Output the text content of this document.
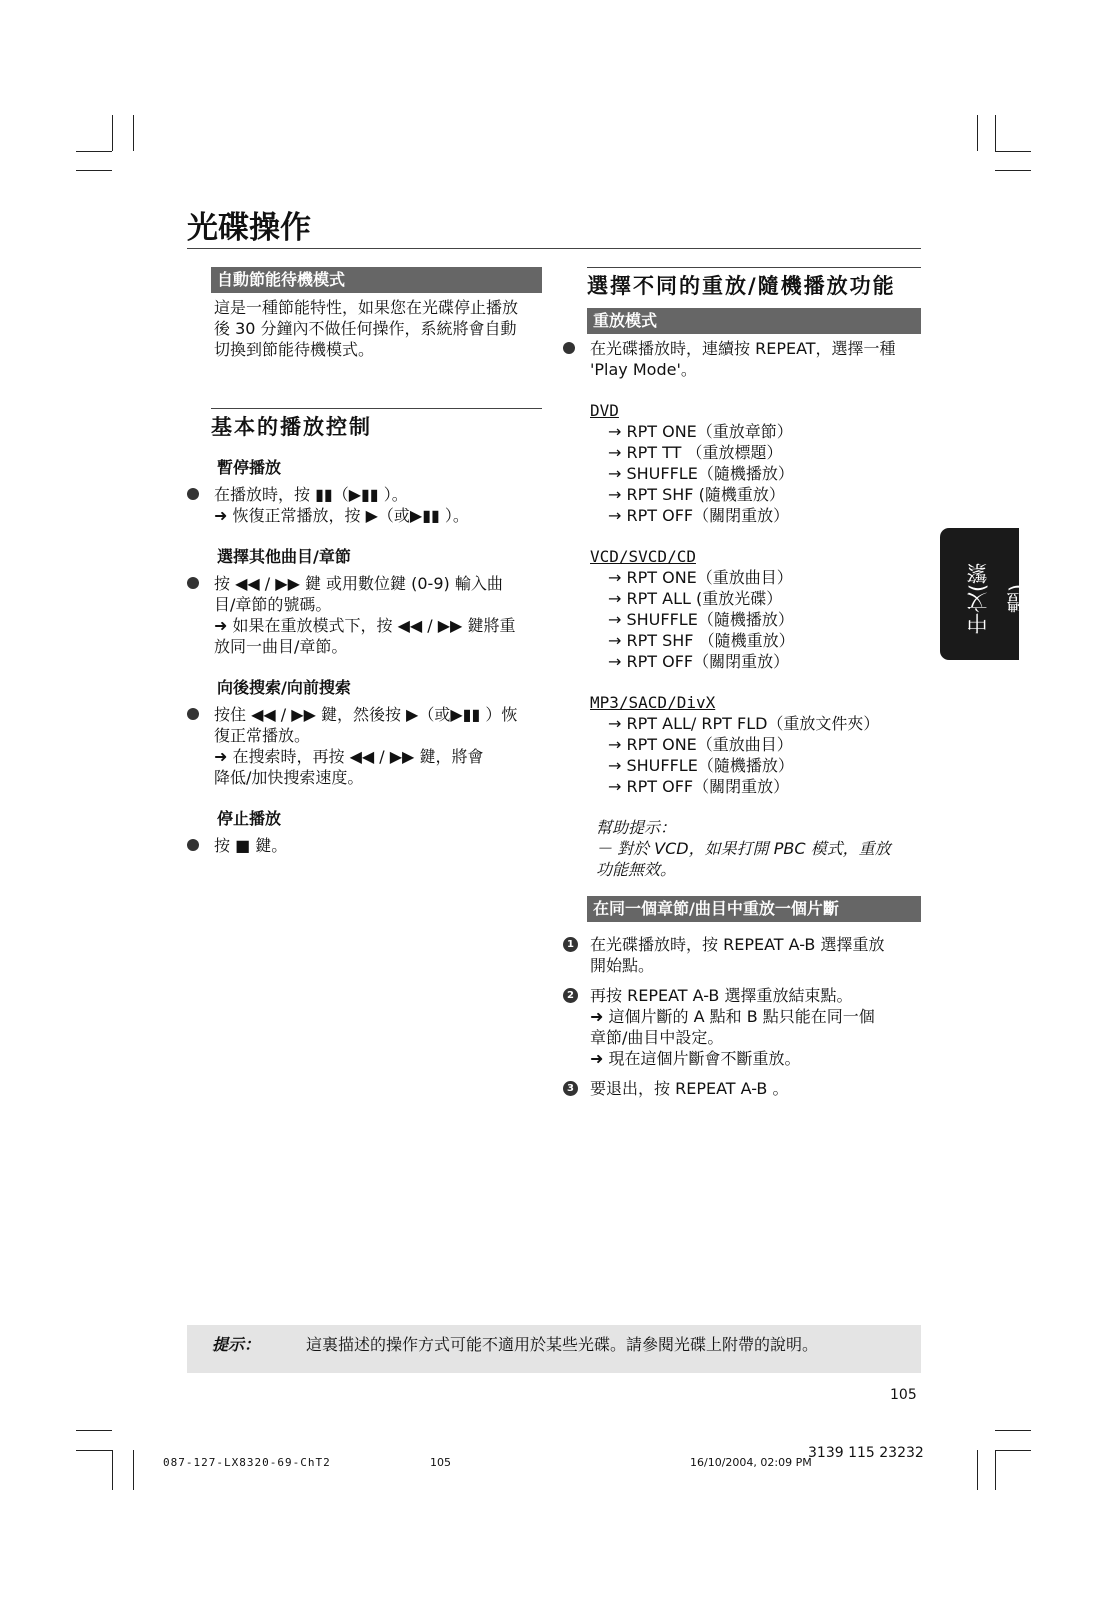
光碟操作
自動節能待機模式
這是一種節能特性，如果您在光碟停止播放
後 30 分鐘內不做任何操作，系統將會自動
切換到節能待機模式。
基本的播放控制
暫停播放
在播放時，按 ▮▮（▶▮▮ ）。
➜ 恢復正常播放，按 ▶（或▶▮▮ ）。
選擇其他曲目/章節
按 ◀◀ / ▶▶ 鍵 或用數位鍵 (0-9) 輸入曲
目/章節的號碼。
➜ 如果在重放模式下，按 ◀◀ / ▶▶ 鍵將重
放同一曲目/章節。
向後搜索/向前搜索
按住 ◀◀ / ▶▶ 鍵，然後按 ▶（或▶▮▮ ）恢
復正常播放。
➜ 在搜索時，再按 ◀◀ / ▶▶ 鍵，將會
降低/加快搜索速度。
停止播放
按 ■ 鍵。
選擇不同的重放/隨機播放功能
重放模式
在光碟播放時，連續按 REPEAT，選擇一種
'Play Mode'。
DVD
→ RPT ONE（重放章節）
→ RPT TT （重放標題）
→ SHUFFLE（隨機播放）
→ RPT SHF (隨機重放）
→ RPT OFF（關閉重放）
VCD/SVCD/CD
→ RPT ONE（重放曲目）
→ RPT ALL (重放光碟）
→ SHUFFLE（隨機播放）
→ RPT SHF （隨機重放）
→ RPT OFF（關閉重放）
MP3/SACD/DivX
→ RPT ALL/ RPT FLD（重放文件夾）
→ RPT ONE（重放曲目）
→ SHUFFLE（隨機播放）
→ RPT OFF（關閉重放）
幫助提示：
－ 對於 VCD，如果打開 PBC 模式，重放
功能無效。
在同一個章節/曲目中重放一個片斷
1 在光碟播放時，按 REPEAT A-B 選擇重放
開始點。
2 再按 REPEAT A-B 選擇重放結束點。
➜ 這個片斷的 A 點和 B 點只能在同一個
章節/曲目中設定。
➜ 現在這個片斷會不斷重放。
3 要退出，按 REPEAT A-B 。
中文(繁體)
提示：	這裏描述的操作方式可能不適用於某些光碟。請參閱光碟上附帶的說明。
105
087-127-LX8320-69-ChT2	105	16/10/2004, 02:09 PM
3139 115 23232
